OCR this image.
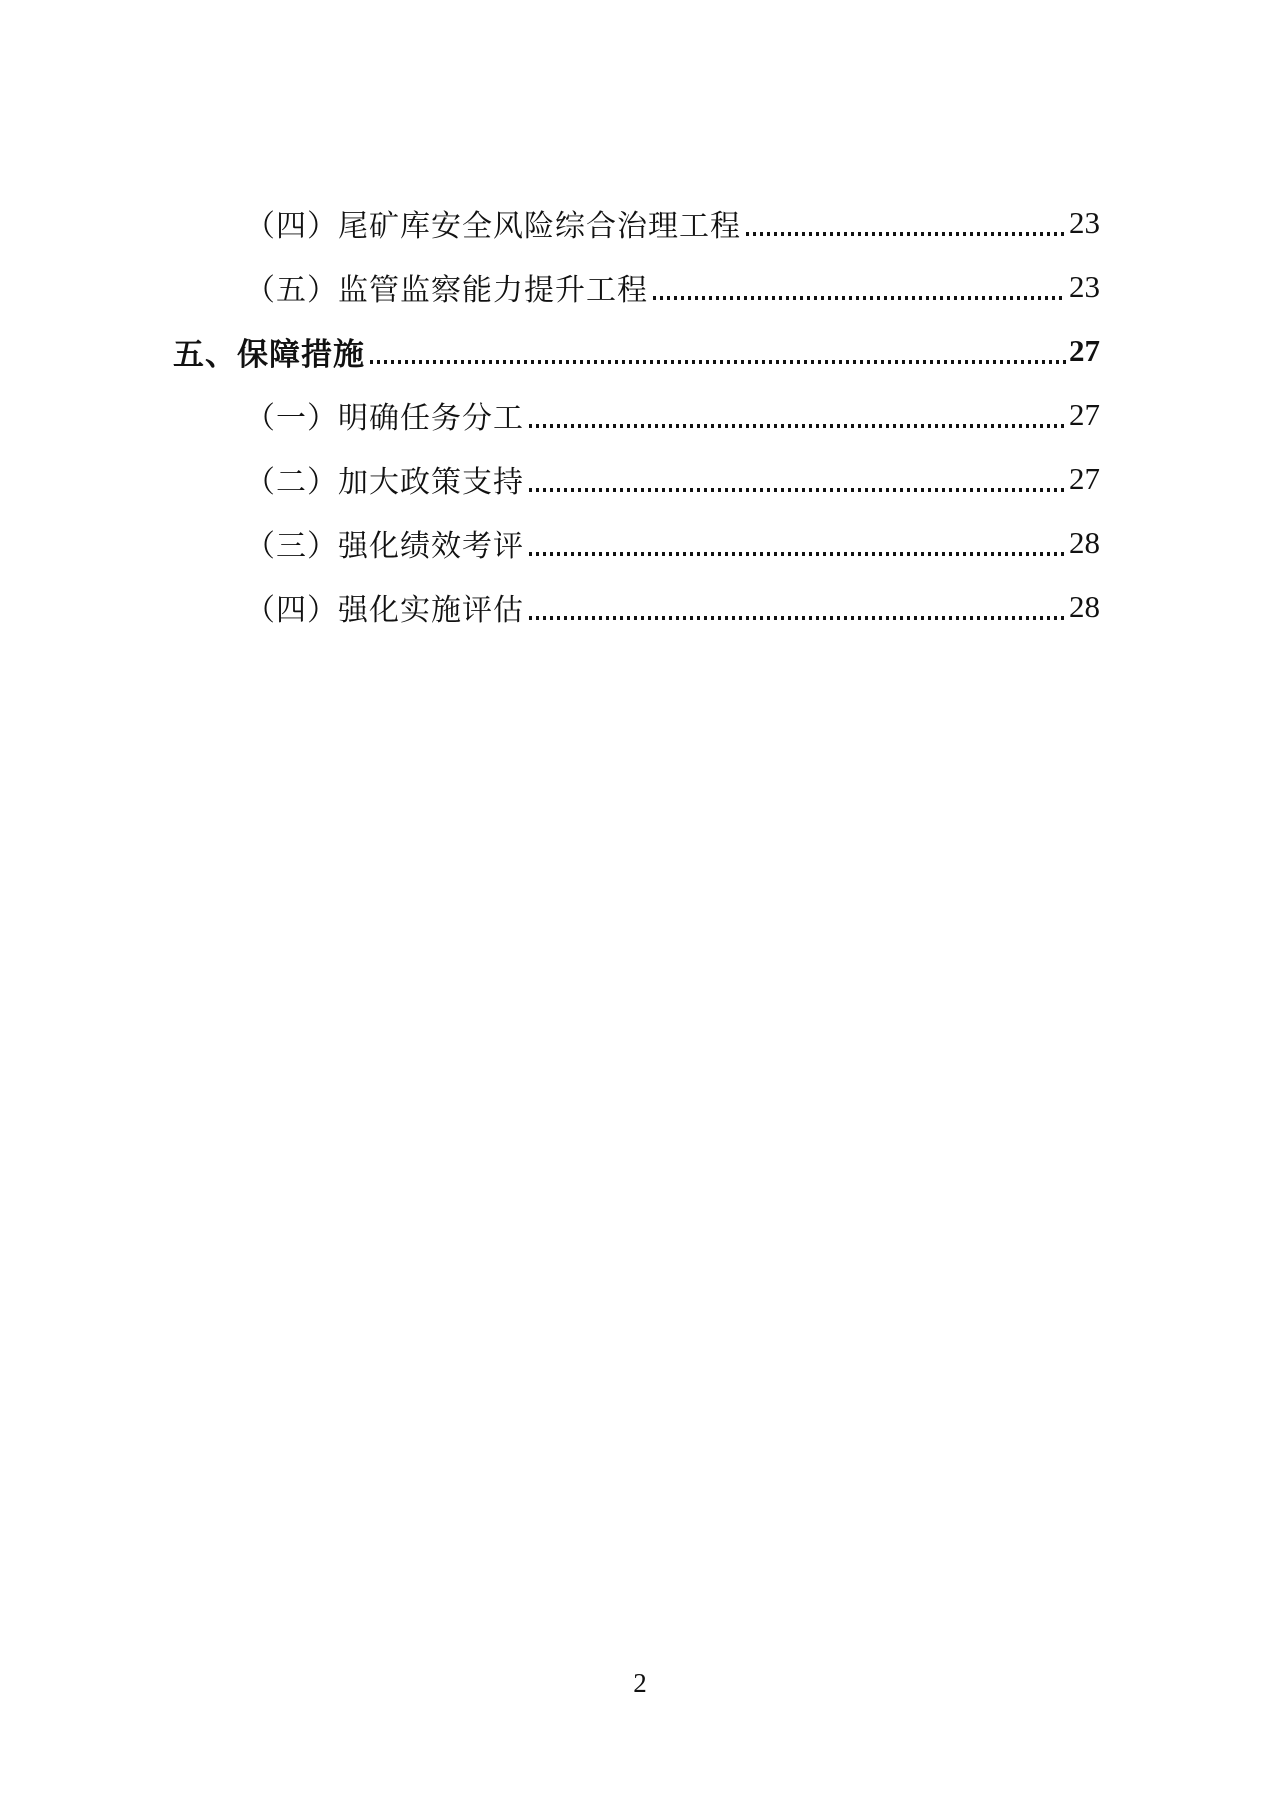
（四）尾矿库安全风险综合治理工程	23
（五）监管监察能力提升工程	23
五、保障措施	27
（一）明确任务分工	27
（二）加大政策支持	27
（三）强化绩效考评	28
（四）强化实施评估	28
2
